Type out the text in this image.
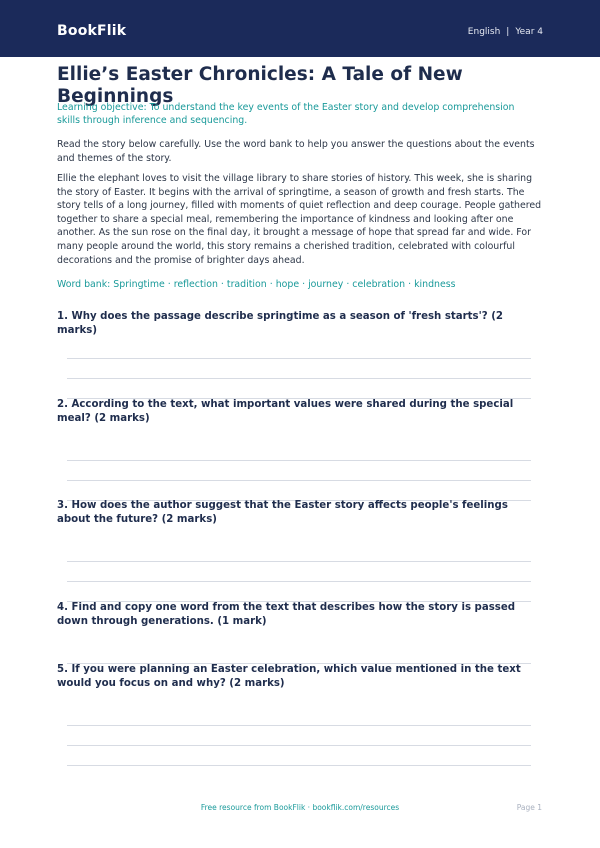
BookFlik	English | Year 4
Ellie’s Easter Chronicles: A Tale of New Beginnings

Learning objective: To understand the key events of the Easter story and develop comprehension skills through inference and sequencing.

Read the story below carefully. Use the word bank to help you answer the questions about the events and themes of the story.

Ellie the elephant loves to visit the village library to share stories of history. This week, she is sharing the story of Easter. It begins with the arrival of springtime, a season of growth and fresh starts. The story tells of a long journey, filled with moments of quiet reflection and deep courage. People gathered together to share a special meal, remembering the importance of kindness and looking after one another. As the sun rose on the final day, it brought a message of hope that spread far and wide. For many people around the world, this story remains a cherished tradition, celebrated with colourful decorations and the promise of brighter days ahead.

Word bank: Springtime · reflection · tradition · hope · journey · celebration · kindness

1. Why does the passage describe springtime as a season of 'fresh starts'? (2 marks)

2. According to the text, what important values were shared during the special meal? (2 marks)

3. How does the author suggest that the Easter story affects people's feelings about the future? (2 marks)

4. Find and copy one word from the text that describes how the story is passed down through generations. (1 mark)

5. If you were planning an Easter celebration, which value mentioned in the text would you focus on and why? (2 marks)

Free resource from BookFlik · bookflik.com/resources	Page 1
